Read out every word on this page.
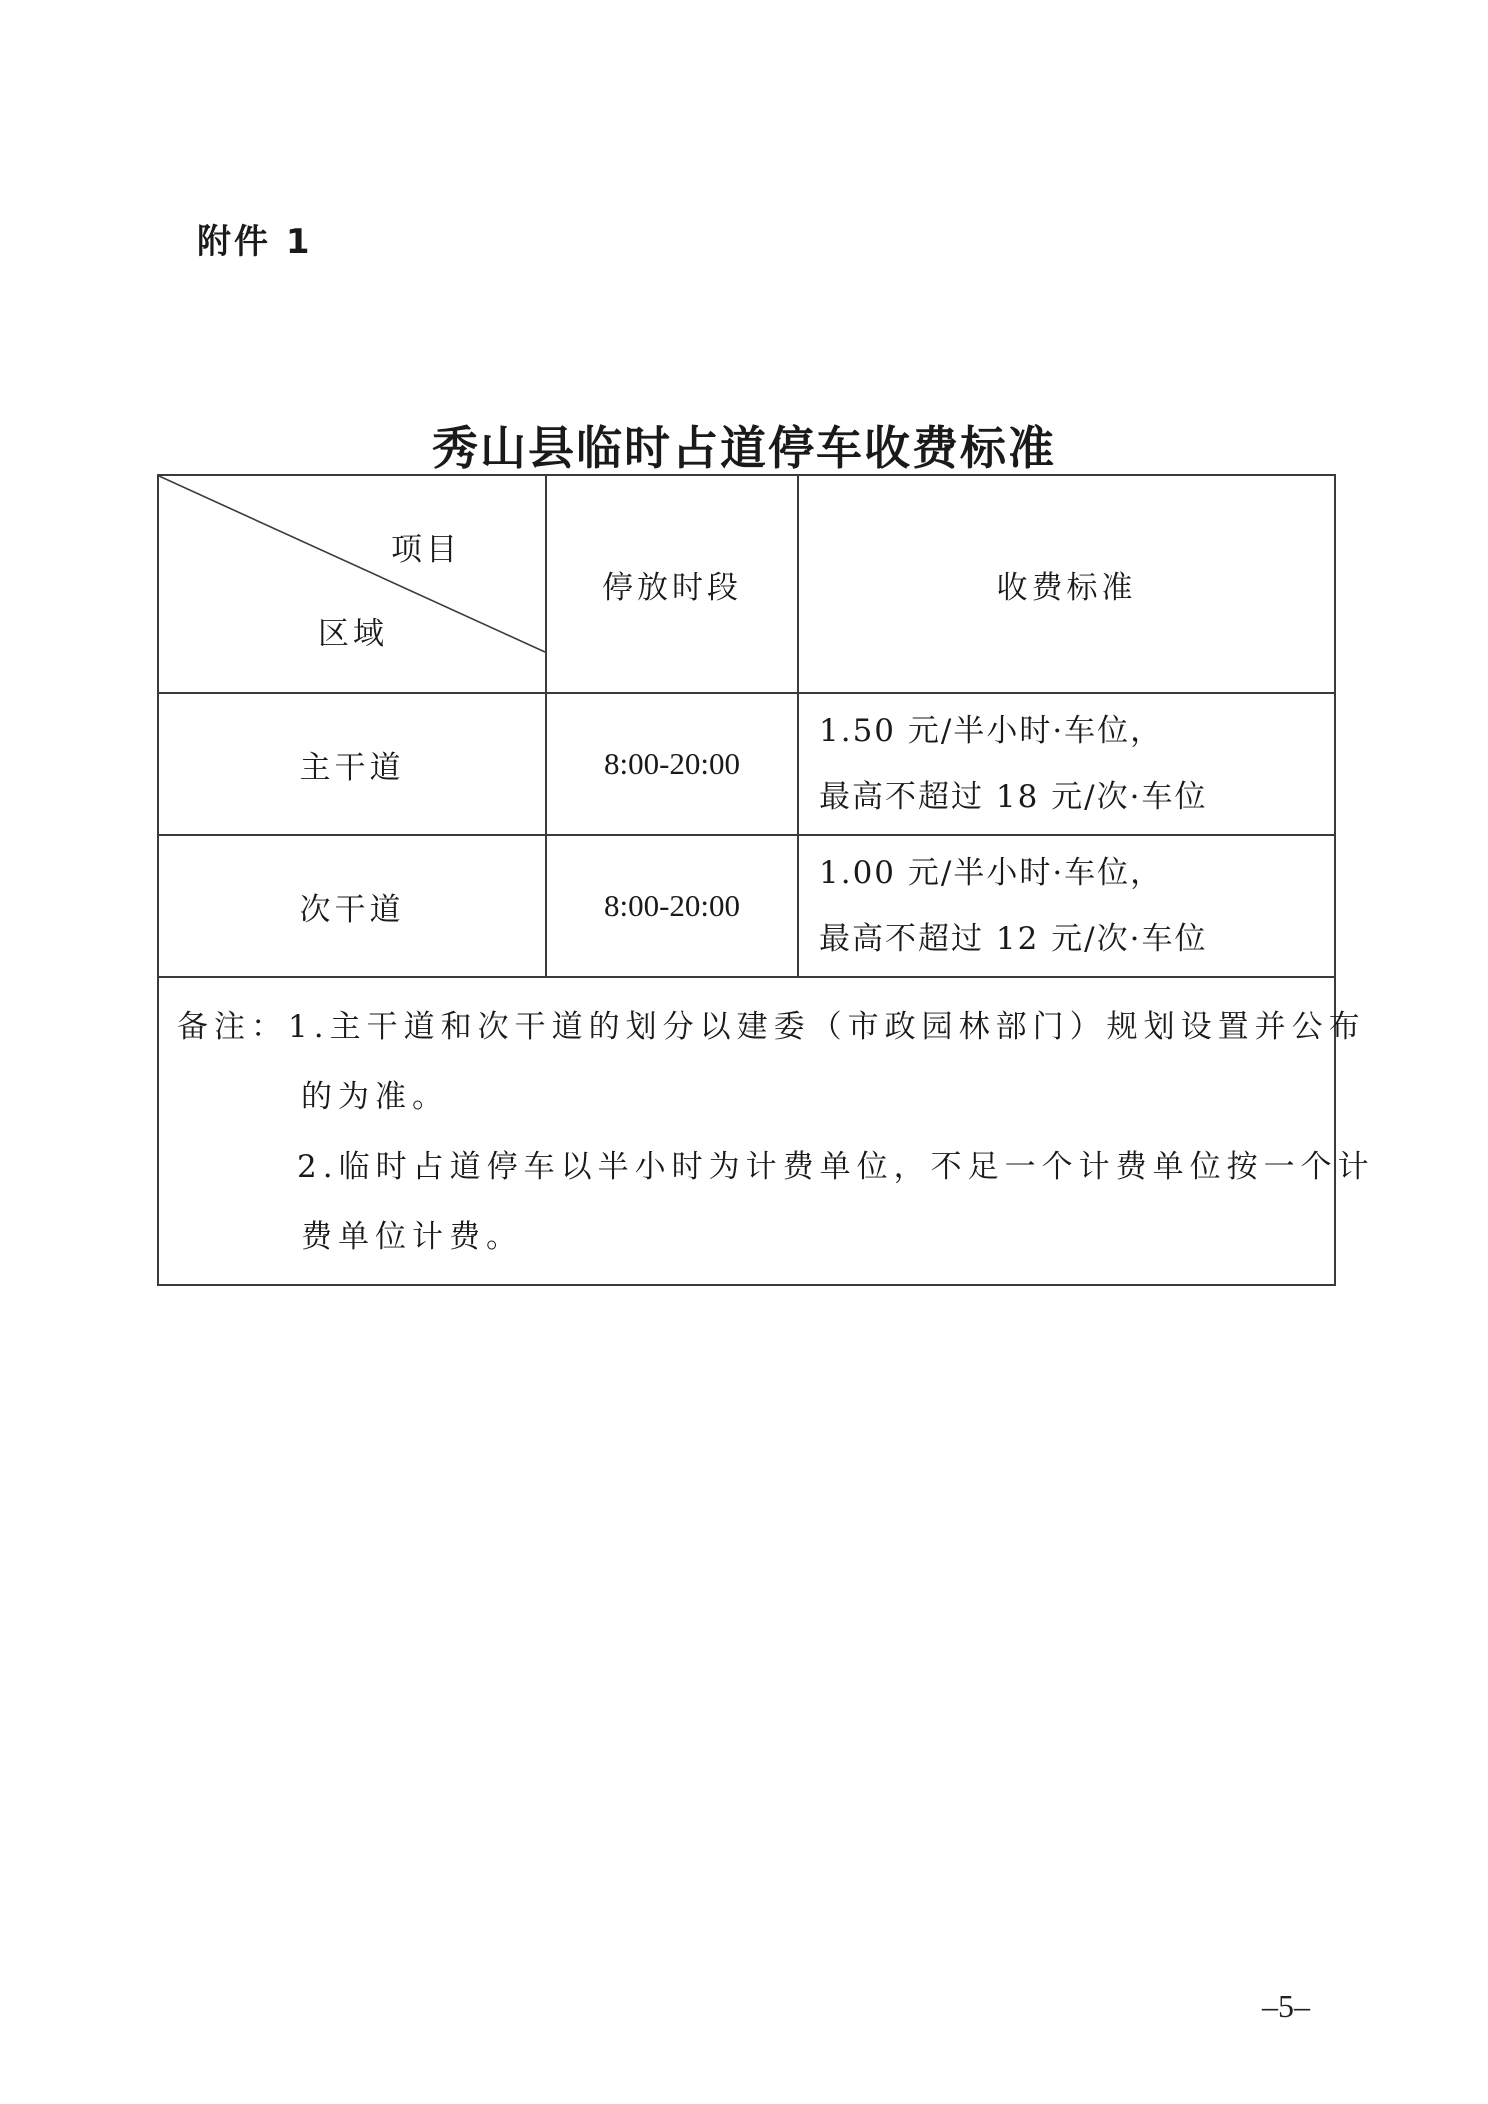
附件 1
秀山县临时占道停车收费标准
项目
区域	停放时段	收费标准
主干道	8:00-20:00	1.50 元/半小时·车位，
最高不超过 18 元/次·车位

次干道	8:00-20:00	1.00 元/半小时·车位，
最高不超过 12 元/次·车位

备注：1.主干道和次干道的划分以建委（市政园林部门）规划设置并公布
的为准。
2.临时占道停车以半小时为计费单位，不足一个计费单位按一个计
费单位计费。		
–5–
